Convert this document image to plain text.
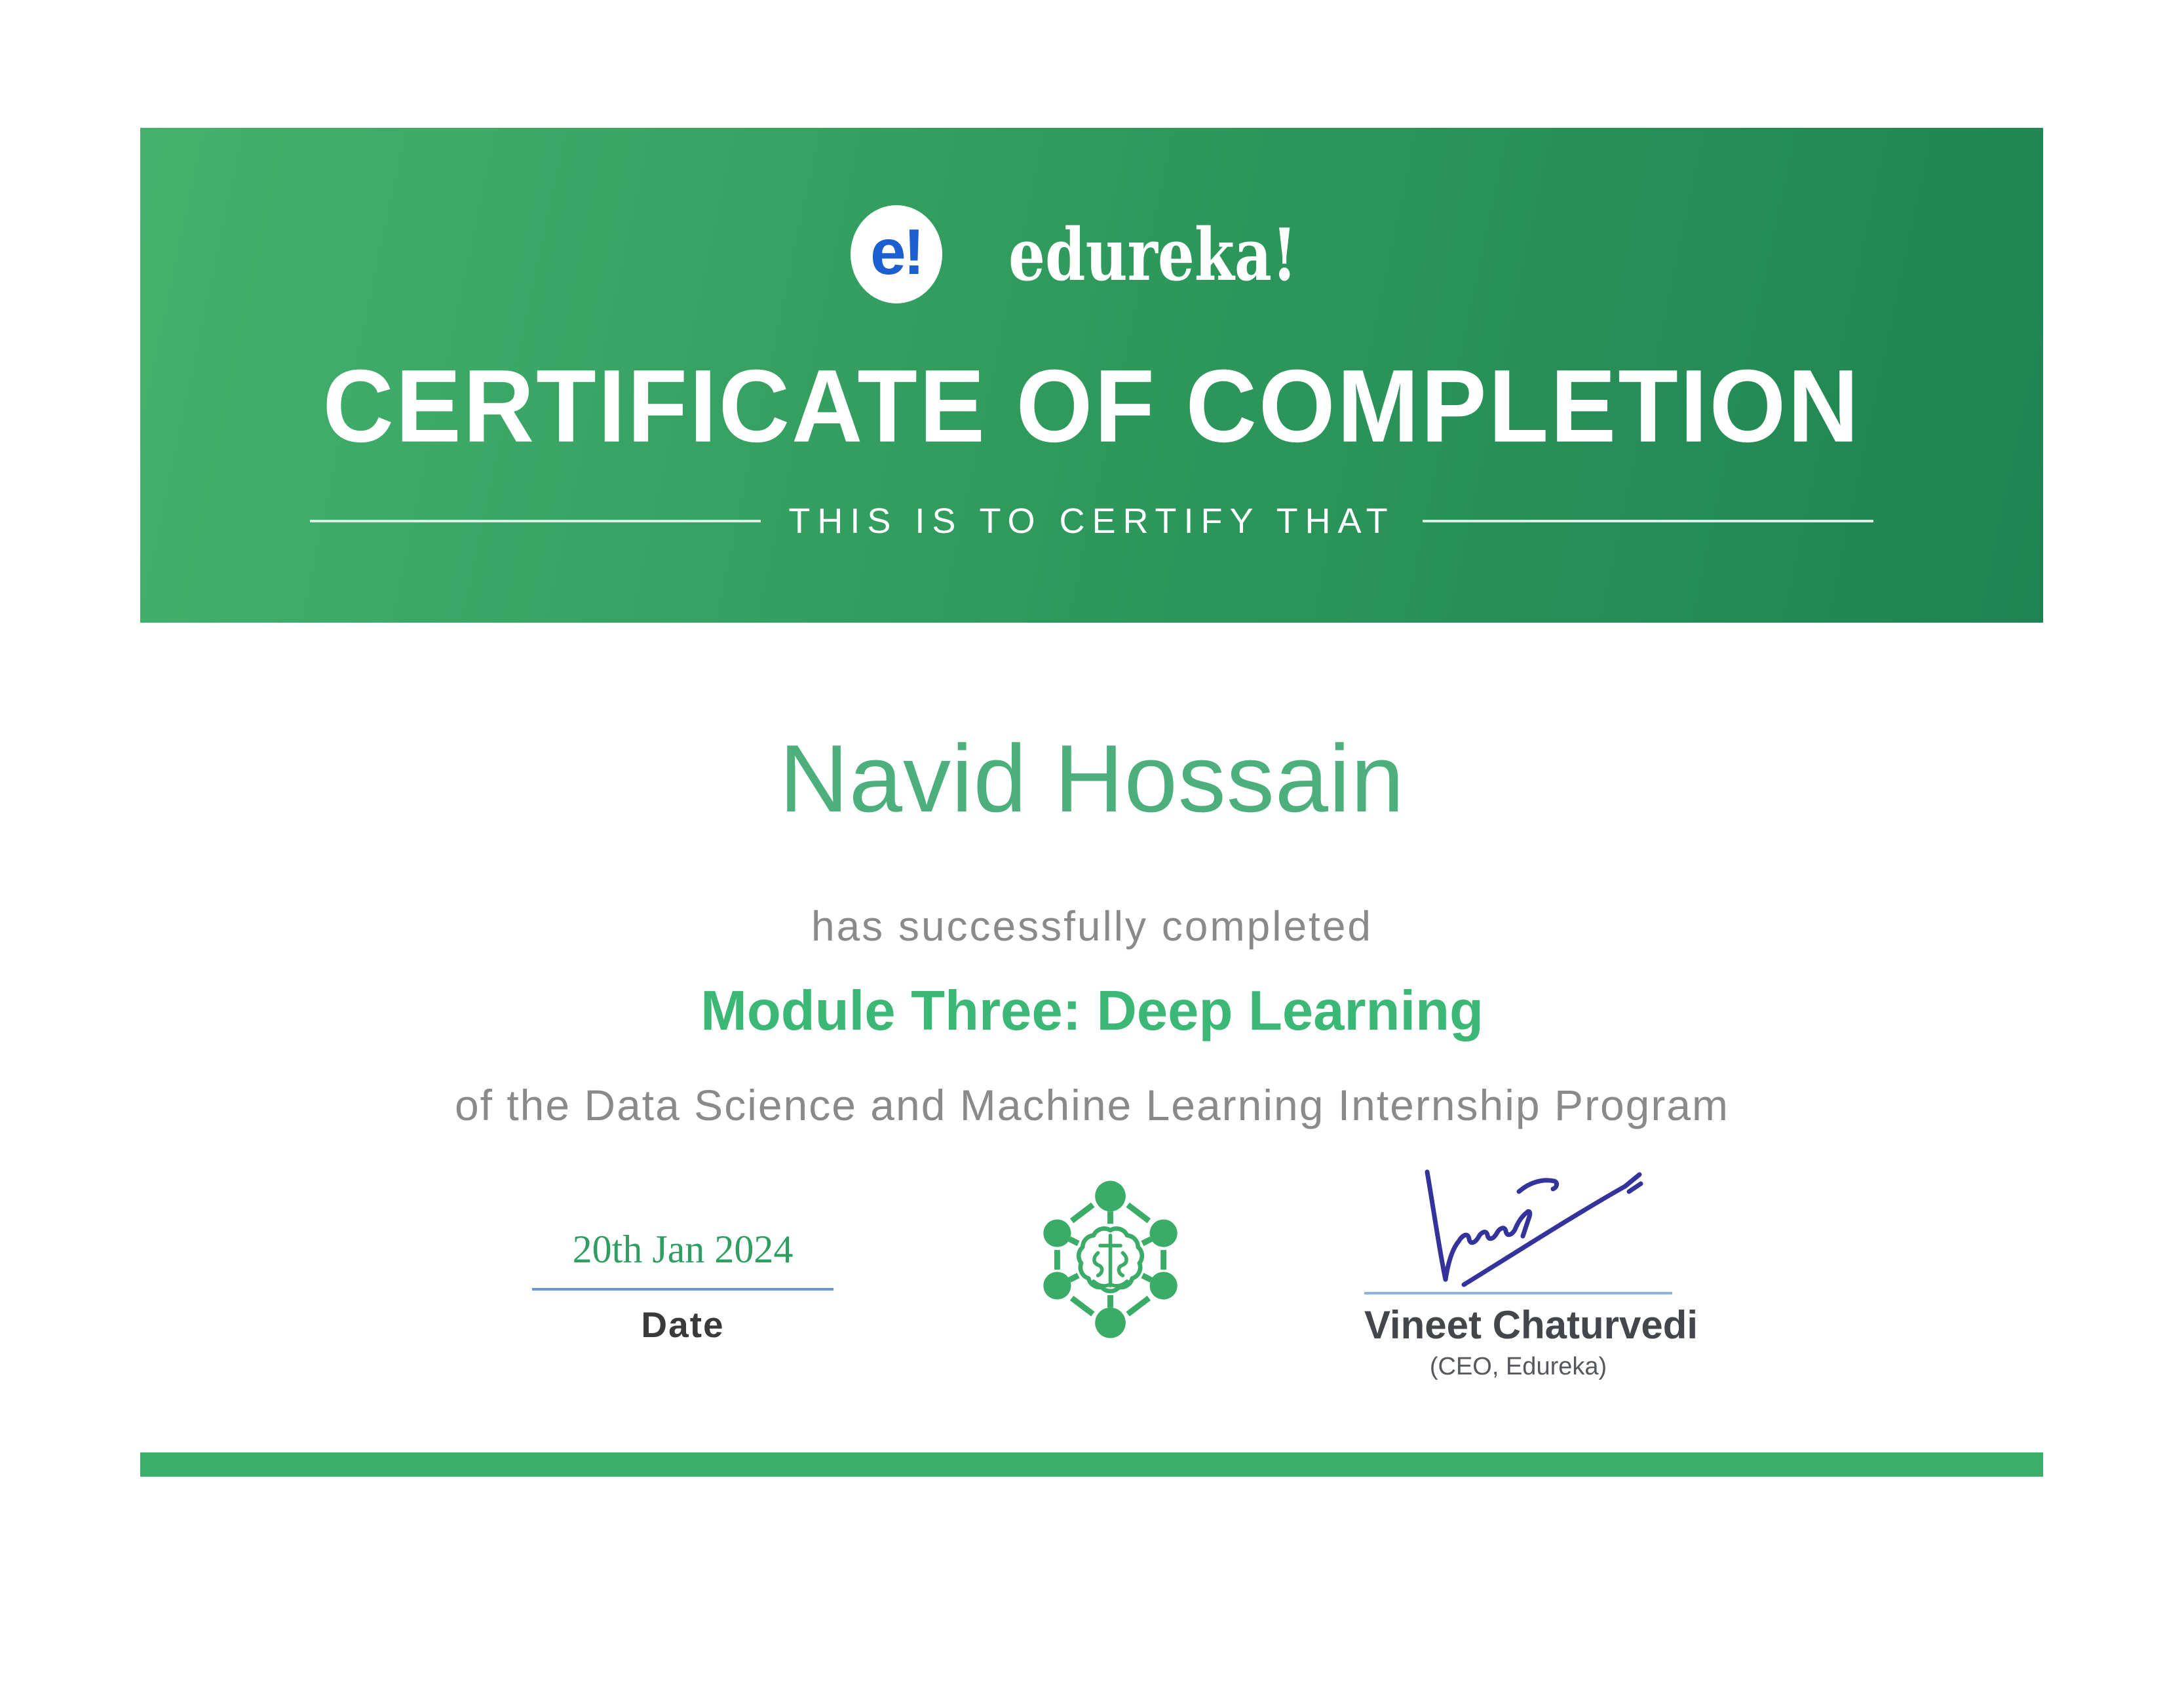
e! edureka!
CERTIFICATE OF COMPLETION
THIS IS TO CERTIFY THAT
Navid Hossain
has successfully completed
Module Three: Deep Learning
of the Data Science and Machine Learning Internship Program
20th Jan 2024
Date	Vineet Chaturvedi
(CEO, Edureka)
